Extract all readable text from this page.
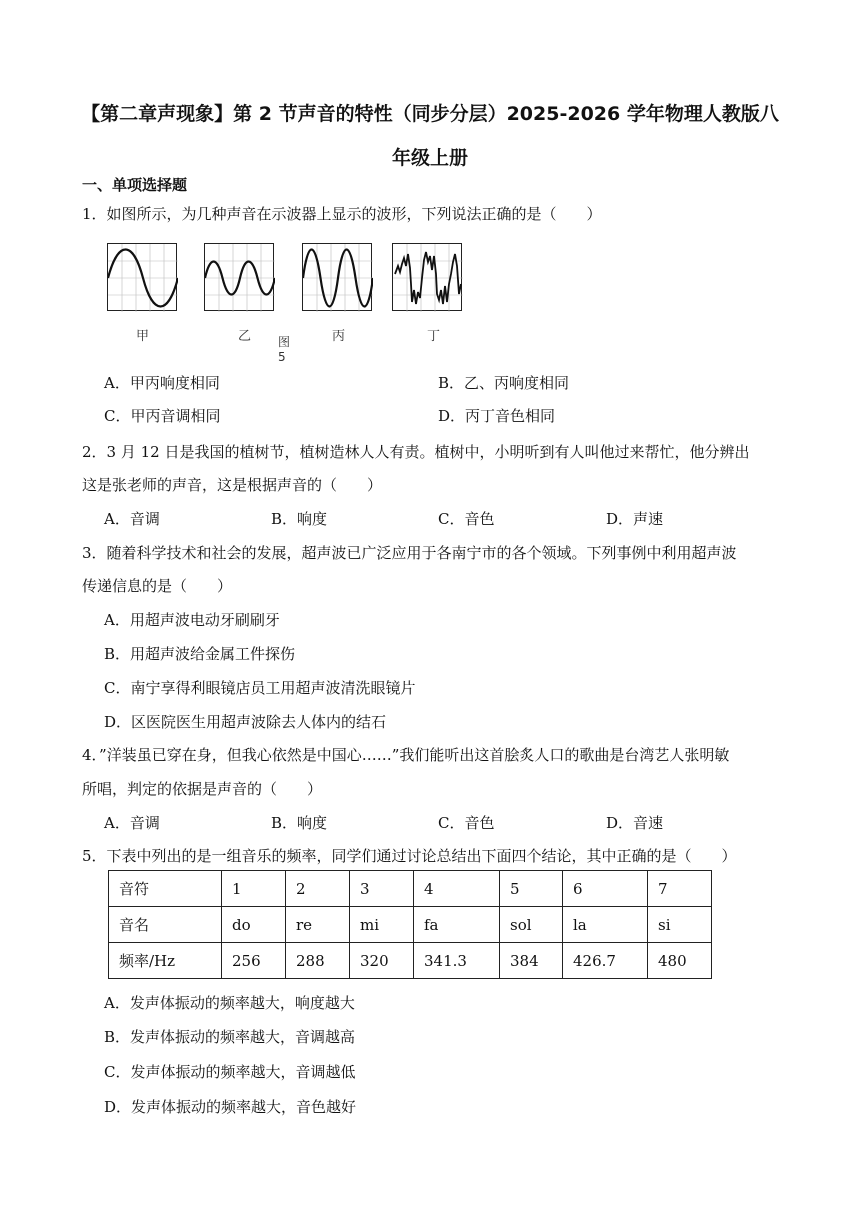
【第二章声现象】第 2 节声音的特性（同步分层）2025-2026 学年物理人教版八
年级上册
一、单项选择题
1．如图所示，为几种声音在示波器上显示的波形，下列说法正确的是（　　）
甲	乙	丙	丁
图5
A．甲丙响度相同	B．乙、丙响度相同
C．甲丙音调相同	D．丙丁音色相同
2．3 月 12 日是我国的植树节，植树造林人人有责。植树中，小明听到有人叫他过来帮忙，他分辨出
这是张老师的声音，这是根据声音的（　　）
A．音调	B．响度	C．音色	D．声速
3．随着科学技术和社会的发展，超声波已广泛应用于各南宁市的各个领域。下列事例中利用超声波
传递信息的是（　　）
A．用超声波电动牙刷刷牙
B．用超声波给金属工件探伤
C．南宁享得利眼镜店员工用超声波清洗眼镜片
D．区医院医生用超声波除去人体内的结石
4．”洋装虽已穿在身，但我心依然是中国心……”我们能听出这首脍炙人口的歌曲是台湾艺人张明敏
所唱，判定的依据是声音的（　　）
A．音调	B．响度	C．音色	D．音速
5．下表中列出的是一组音乐的频率，同学们通过讨论总结出下面四个结论，其中正确的是（　　）
音符	1	2	3	4	5	6	7
音名	do	re	mi	fa	sol	la	si
频率/Hz	256	288	320	341.3	384	426.7	480
A．发声体振动的频率越大，响度越大
B．发声体振动的频率越大，音调越高
C．发声体振动的频率越大，音调越低
D．发声体振动的频率越大，音色越好
